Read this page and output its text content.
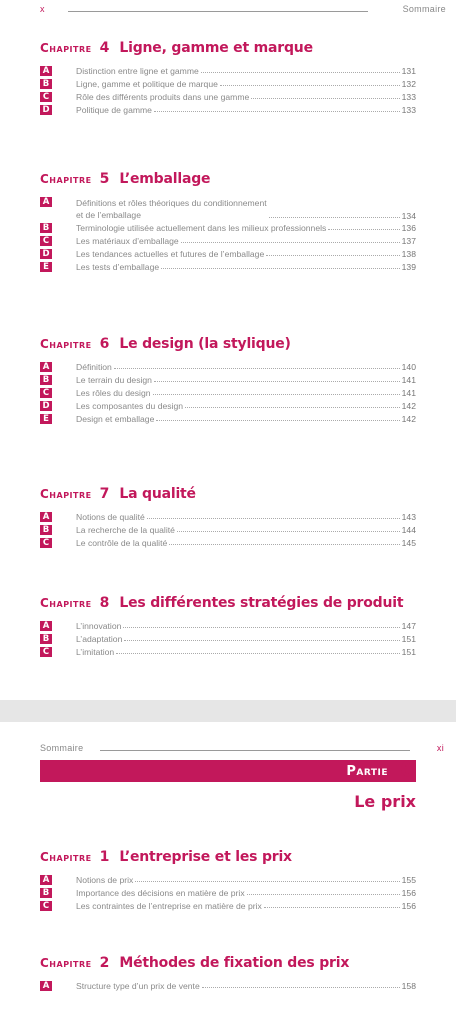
x	Sommaire
Chapitre 4 Ligne, gamme et marque
A	Distinction entre ligne et gamme	131
B	Ligne, gamme et politique de marque	132
C	Rôle des différents produits dans une gamme	133
D	Politique de gamme	133
Chapitre 5 L’emballage
A	Définitions et rôles théoriques du conditionnement
et de l’emballage	134
B	Terminologie utilisée actuellement dans les milieux professionnels	136
C	Les matériaux d’emballage	137
D	Les tendances actuelles et futures de l’emballage	138
E	Les tests d’emballage	139
Chapitre 6 Le design (la stylique)
A	Définition	140
B	Le terrain du design	141
C	Les rôles du design	141
D	Les composantes du design	142
E	Design et emballage	142
Chapitre 7 La qualité
A	Notions de qualité	143
B	La recherche de la qualité	144
C	Le contrôle de la qualité	145
Chapitre 8 Les différentes stratégies de produit
A	L’innovation	147
B	L’adaptation	151
C	L’imitation	151
Sommaire	xi
Partie 6
Le prix
Chapitre 1 L’entreprise et les prix
A	Notions de prix	155
B	Importance des décisions en matière de prix	156
C	Les contraintes de l’entreprise en matière de prix	156
Chapitre 2 Méthodes de fixation des prix
A	Structure type d’un prix de vente	158
